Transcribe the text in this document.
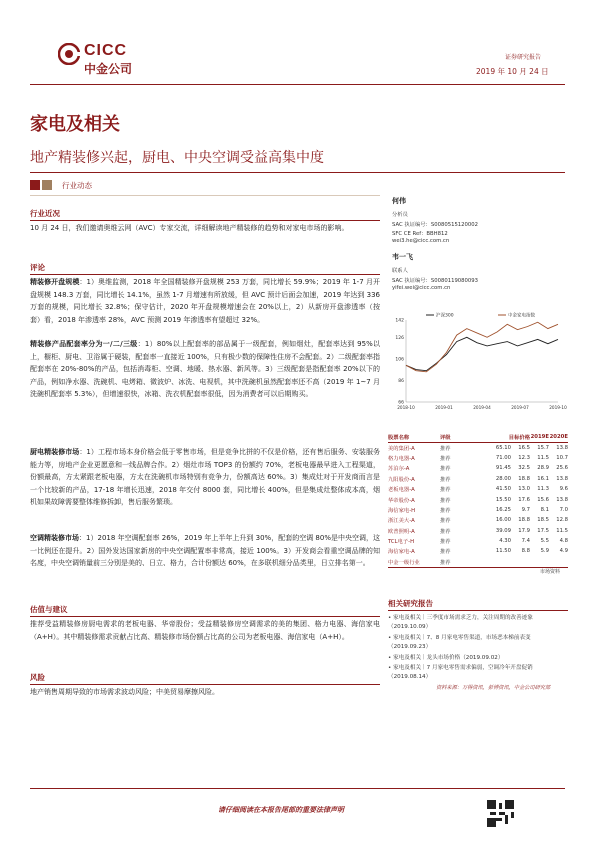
CICC
中金公司
证券研究报告
2019 年 10 月 24 日
家电及相关
地产精装修兴起，厨电、中央空调受益高集中度
行业动态
行业近况
10 月 24 日，我们邀请奥维云网（AVC）专家交流，详细解读地产精装修的趋势和对家电市场的影响。
评论
精装修开盘规模：1）奥维监测，2018 年全国精装修开盘规模 253 万套，同比增长 59.9%；2019 年 1-7 月开盘规模 148.3 万套，同比增长 14.1%，虽然 1-7 月增速有所放缓，但 AVC 预计后面会加速，2019 年达到 336 万套的规模，同比增长 32.8%；保守估计，2020 年开盘规模增速会在 20%以上，2）从新房开盘渗透率（按套）看，2018 年渗透率 28%，AVC 预测 2019 年渗透率有望超过 32%。
精装修产品配套率分为一/二/三级：1）80%以上配套率的部品属于一级配套，例如烟灶，配套率达到 95%以上，橱柜、厨电、卫浴属于硬装，配套率一直接近 100%，只有极少数的保障性住房不会配套。2）二级配套率指配套率在 20%-80%的产品，包括消毒柜、空调、地暖、热水器、新风等。3）三级配套是指配套率 20%以下的产品，例如净水器、洗碗机、电烤箱、微波炉、冰洗、电视机，其中洗碗机虽然配套率还不高（2019 年 1~7 月洗碗机配套率 5.3%），但增速很快，冰箱、洗衣机配套率很低，因为消费者可以后期购买。
厨电精装修市场：1）工程市场本身价格会低于零售市场，但是竞争比拼的不仅是价格，还有售后服务、安装服务能力等，房地产企业更愿意和一线品牌合作。2）烟灶市场 TOP3 的份额约 70%，老板电器最早进入工程渠道，份额最高，方太紧跟老板电器，方太在洗碗机市场特别有竞争力，份额高达 60%。3）集成灶对于开发商而言是一个比较新的产品，17-18 年增长迅速，2018 年交付 8000 套，同比增长 400%，但是集成灶整体成本高，烟机如果故障需要整体维修拆卸，售后服务繁琐。
空调精装修市场：1）2018 年空调配套率 26%，2019 年上半年上升到 30%，配套的空调 80%是中央空调，这一比例还在提升。2）国外发达国家新房的中央空调配置率非常高，接近 100%。3）开发商会看重空调品牌的知名度，中央空调销量前三分别是美的、日立、格力，合计份额达 60%，在多联机细分品类里，日立排名第一。
估值与建议
推荐受益精装修房厨电需求的老板电器、华帝股份；受益精装修房空调需求的美的集团、格力电器、海信家电（A+H）。其中精装修需求贡献占比高、精装修市场份额占比高的公司为老板电器、海信家电（A+H）。
风险
地产销售周期导致的市场需求波动风险；中美贸易摩擦风险。
何伟
分析员
SAC 执证编号：S0080515120002
SFC CE Ref：BBH812
wei3.he@cicc.com.cn
韦一飞
联系人
SAC 执证编号：S0080119080093
yifei.wei@cicc.com.cn
66
86
106
126
142
2018-10	2019-01	2019-04	2019-07	2019-10
沪深300	中金家电指数
股票名称	评级	目标价格		2019E	2020E
美的集团-A	推荐	65.10	16.5	15.7	13.8
格力电器-A	推荐	71.00	12.3	11.5	10.7
苏泊尔-A	推荐	91.45	32.5	28.9	25.6
九阳股份-A	推荐	28.00	18.8	16.1	13.8
老板电器-A	推荐	41.50	13.0	11.3	9.6
华帝股份-A	推荐	15.50	17.6	15.6	13.8
海信家电-H	推荐	16.25	9.7	8.1	7.0
浙江美大-A	推荐	16.00	18.8	18.5	12.8
欧普照明-A	推荐	39.09	17.9	17.5	11.5
TCL电子-H	推荐	4.30	7.4	5.5	4.8
海信家电-A	推荐	11.50	8.8	5.9	4.9
中金一级行业	推荐				
市场资料
相关研究报告
• 家电及相关｜三季度市场需求乏力，关注周期的改善迹象（2019.10.09）
• 家电及相关｜7、8 月家电零售渠道，市场恶本梯前表变（2019.09.23）
• 家电及相关｜龙头市场价格（2019.09.02）
• 家电及相关｜7 月家电零售需求偏弱，空调冷年开盘促销（2019.08.14）
资料来源：万得资讯，彭博资讯，中金公司研究部
请仔细阅读在本报告尾部的重要法律声明
